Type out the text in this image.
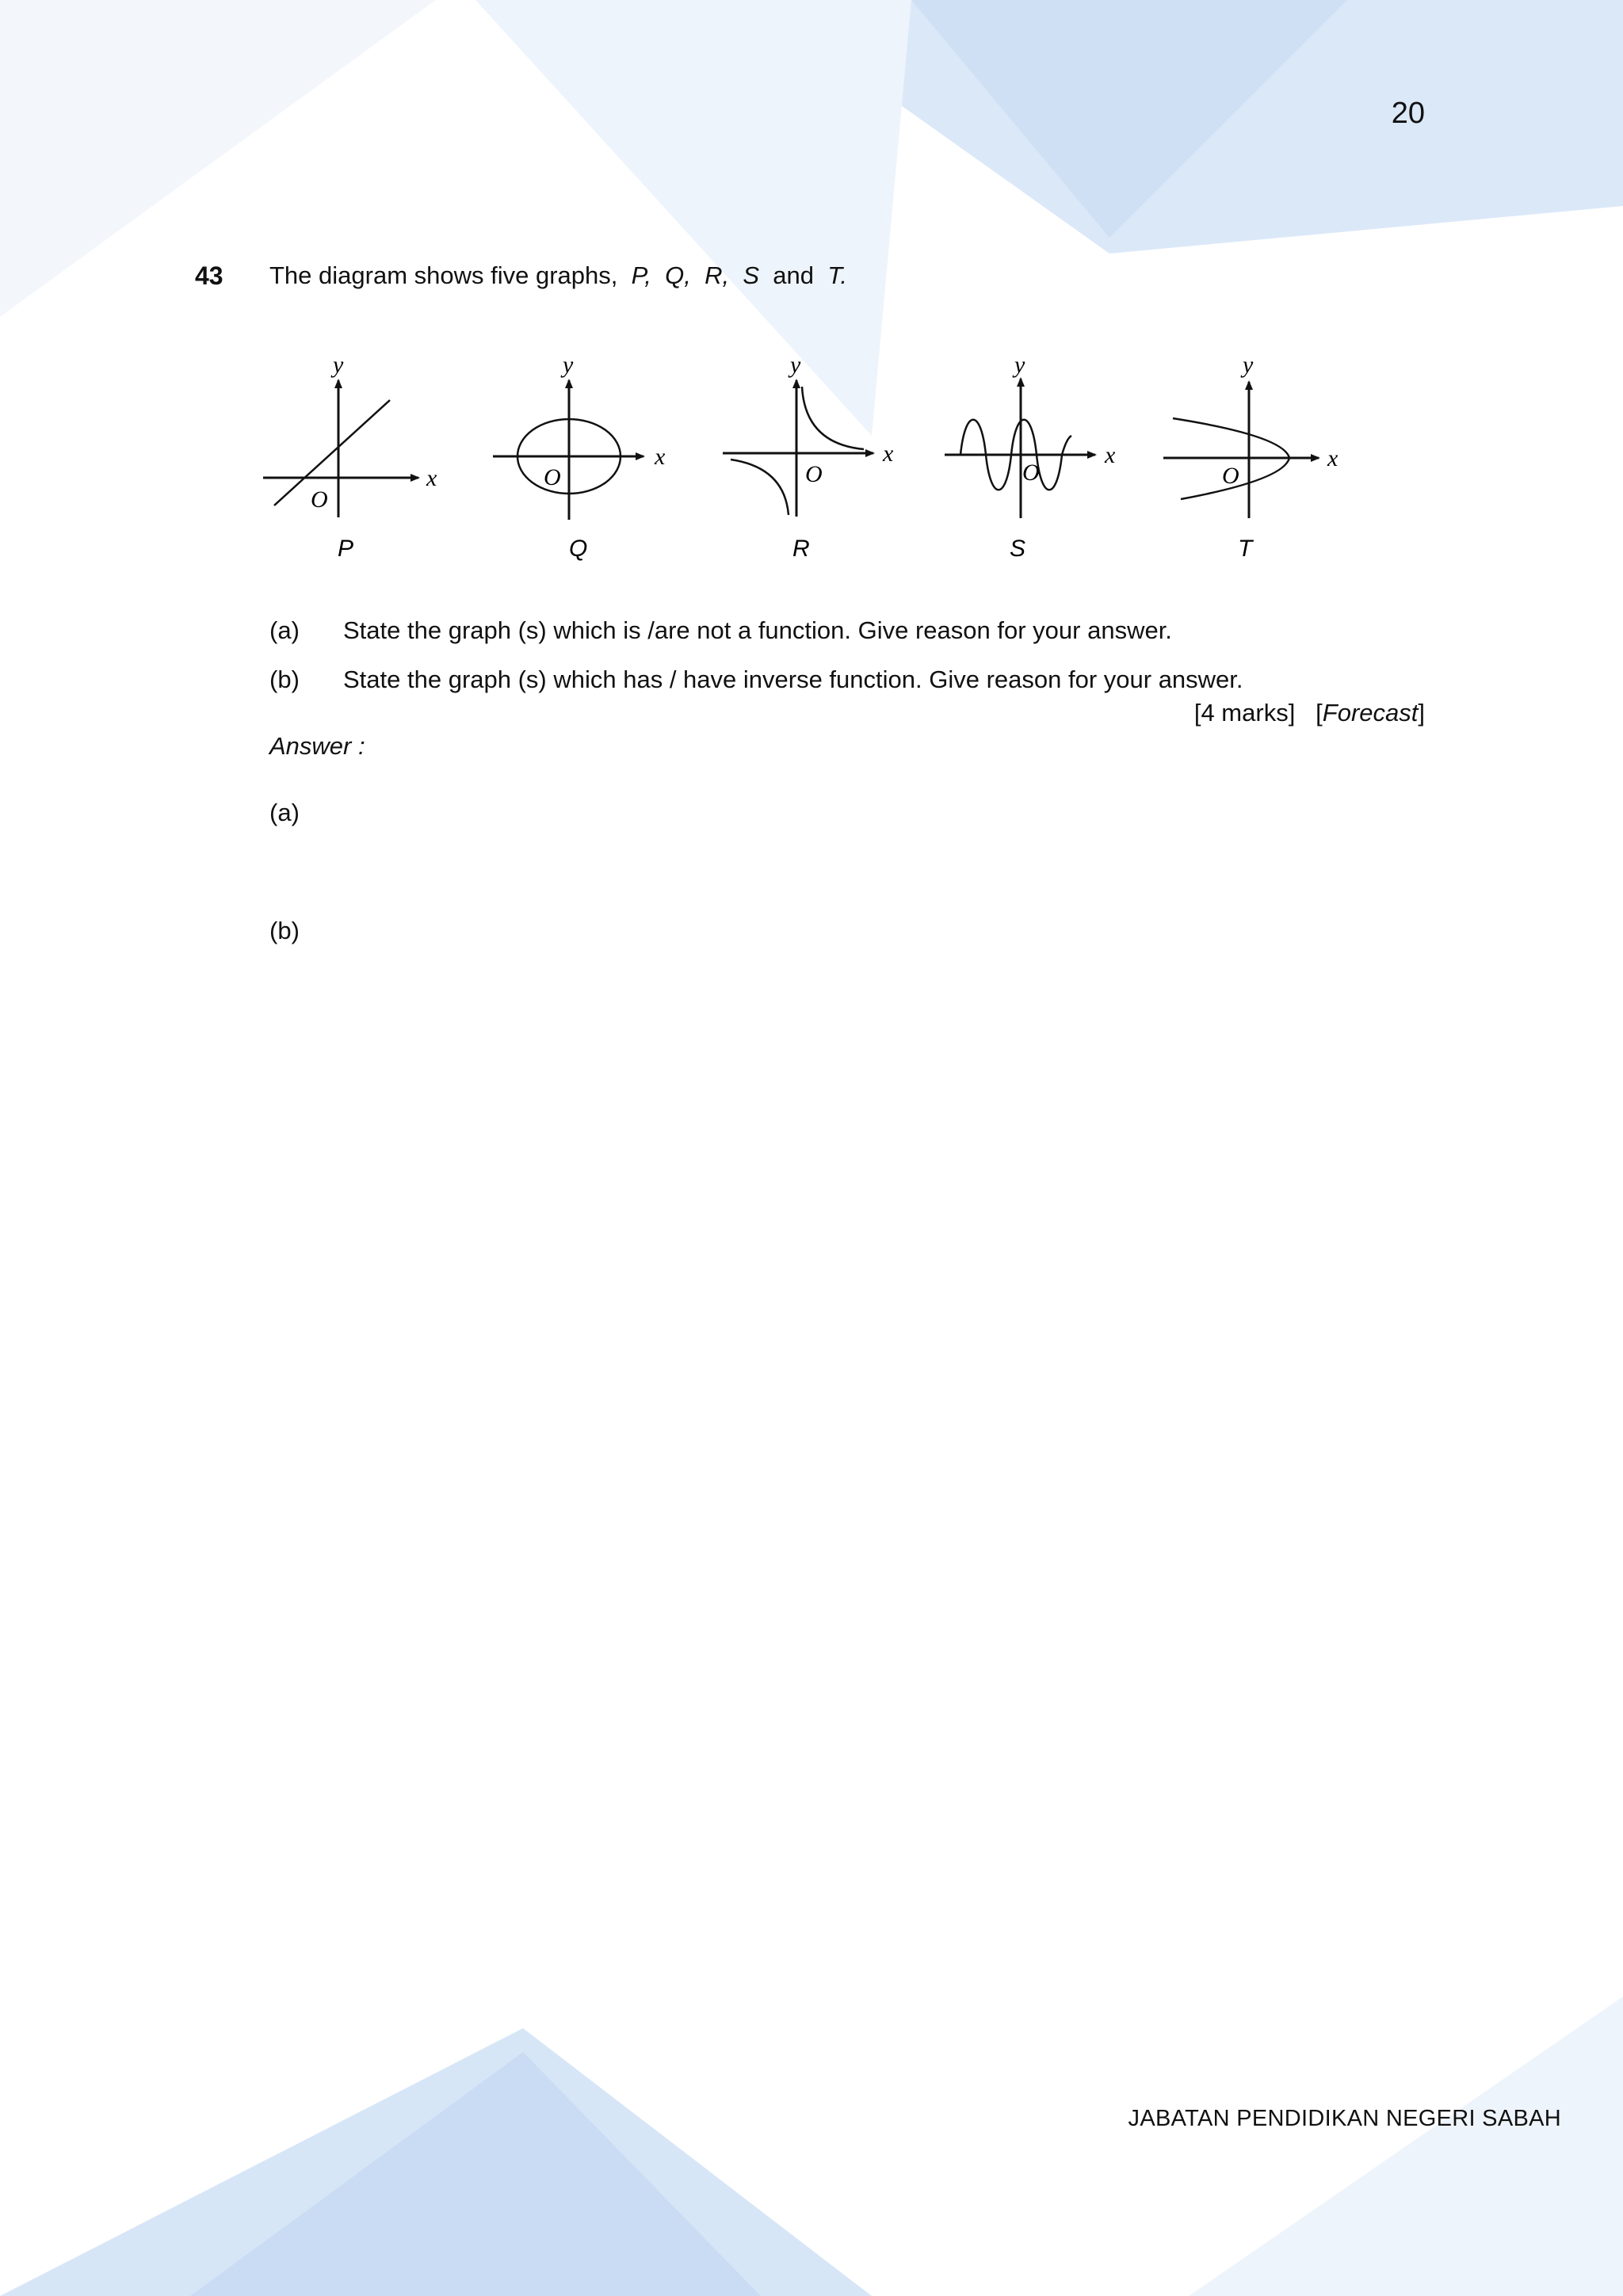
20
43 The diagram shows five graphs, P, Q, R, S and T.
y
x
O
P
y
x
O
Q
y
x
O
R
y
x
O
S
y
x
O
T
(a) State the graph (s) which is /are not a function. Give reason for your answer.
(b) State the graph (s) which has / have inverse function. Give reason for your answer.
[4 marks]   [Forecast]
Answer :
(a)
(b)
JABATAN PENDIDIKAN NEGERI SABAH
